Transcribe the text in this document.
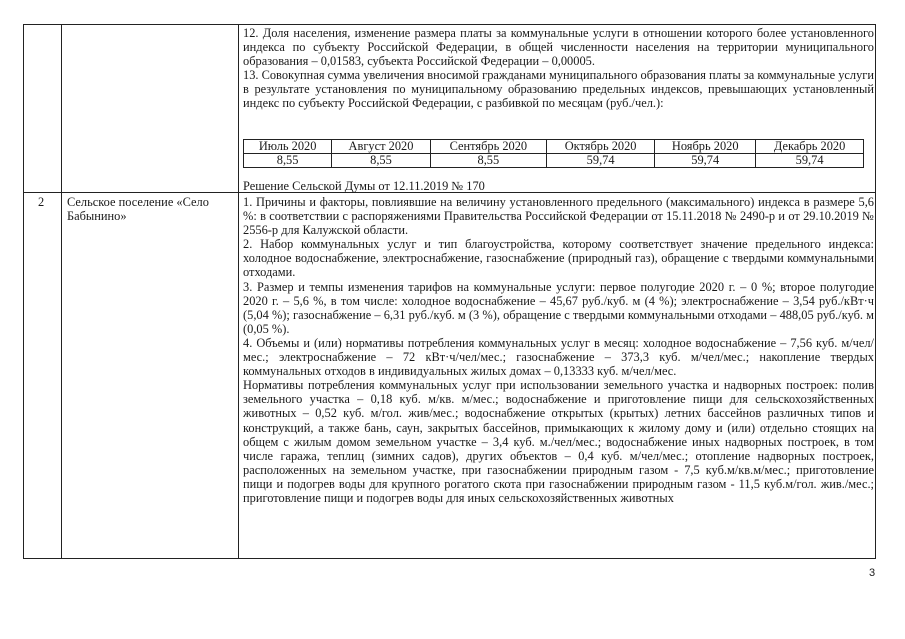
12. Доля населения, изменение размера платы за коммунальные услуги в отношении которого более установленного индекса по субъекту Российской Федерации, в общей численности населения на территории муниципального образования – 0,01583, субъекта Российской Федерации – 0,00005.

13. Совокупная сумма увеличения вносимой гражданами муниципального образования платы за коммунальные услуги в результате установления по муниципальному образованию предельных индексов, превышающих установленный индекс по субъекту Российской Федерации, с разбивкой по месяцам (руб./чел.):

Июль 2020	Август 2020	Сентябрь 2020	Октябрь 2020	Ноябрь 2020	Декабрь 2020
8,55	8,55	8,55	59,74	59,74	59,74
Решение Сельской Думы от 12.11.2019 № 170
2 Сельское поселение «Село Бабынино»

1. Причины и факторы, повлиявшие на величину установленного предельного (максимального) индекса в размере 5,6 %: в соответствии с распоряжениями Правительства Российской Федерации от 15.11.2018 № 2490-р и от 29.10.2019 № 2556-р для Калужской области.

2. Набор коммунальных услуг и тип благоустройства, которому соответствует значение предельного индекса: холодное водоснабжение, электроснабжение, газоснабжение (природный газ), обращение с твердыми коммунальными отходами.

3. Размер и темпы изменения тарифов на коммунальные услуги: первое полугодие 2020 г. – 0 %; второе полугодие 2020 г. – 5,6 %, в том числе: холодное водоснабжение – 45,67 руб./куб. м (4 %); электроснабжение – 3,54 руб./кВт·ч (5,04 %); газоснабжение – 6,31 руб./куб. м (3 %), обращение с твердыми коммунальными отходами – 488,05 руб./куб. м (0,05 %).

4. Объемы и (или) нормативы потребления коммунальных услуг в месяц: холодное водоснабжение – 7,56 куб. м/чел/мес.; электроснабжение – 72 кВт·ч/чел/мес.; газоснабжение – 373,3 куб. м/чел/мес.; накопление твердых коммунальных отходов в индивидуальных жилых домах – 0,13333 куб. м/чел/мес.

Нормативы потребления коммунальных услуг при использовании земельного участка и надворных построек: полив земельного участка – 0,18 куб. м/кв. м/мес.; водоснабжение и приготовление пищи для сельскохозяйственных животных – 0,52 куб. м/гол. жив/мес.; водоснабжение открытых (крытых) летних бассейнов различных типов и конструкций, а также бань, саун, закрытых бассейнов, примыкающих к жилому дому и (или) отдельно стоящих на общем с жилым домом земельном участке – 3,4 куб. м./чел/мес.; водоснабжение иных надворных построек, в том числе гаража, теплиц (зимних садов), других объектов – 0,4 куб. м/чел/мес.; отопление надворных построек, расположенных на земельном участке, при газоснабжении природным газом - 7,5 куб.м/кв.м/мес.; приготовление пищи и подогрев воды для крупного рогатого скота при газоснабжении природным газом - 11,5 куб.м/гол. жив./мес.; приготовление пищи и подогрев воды для иных сельскохозяйственных животных

3
